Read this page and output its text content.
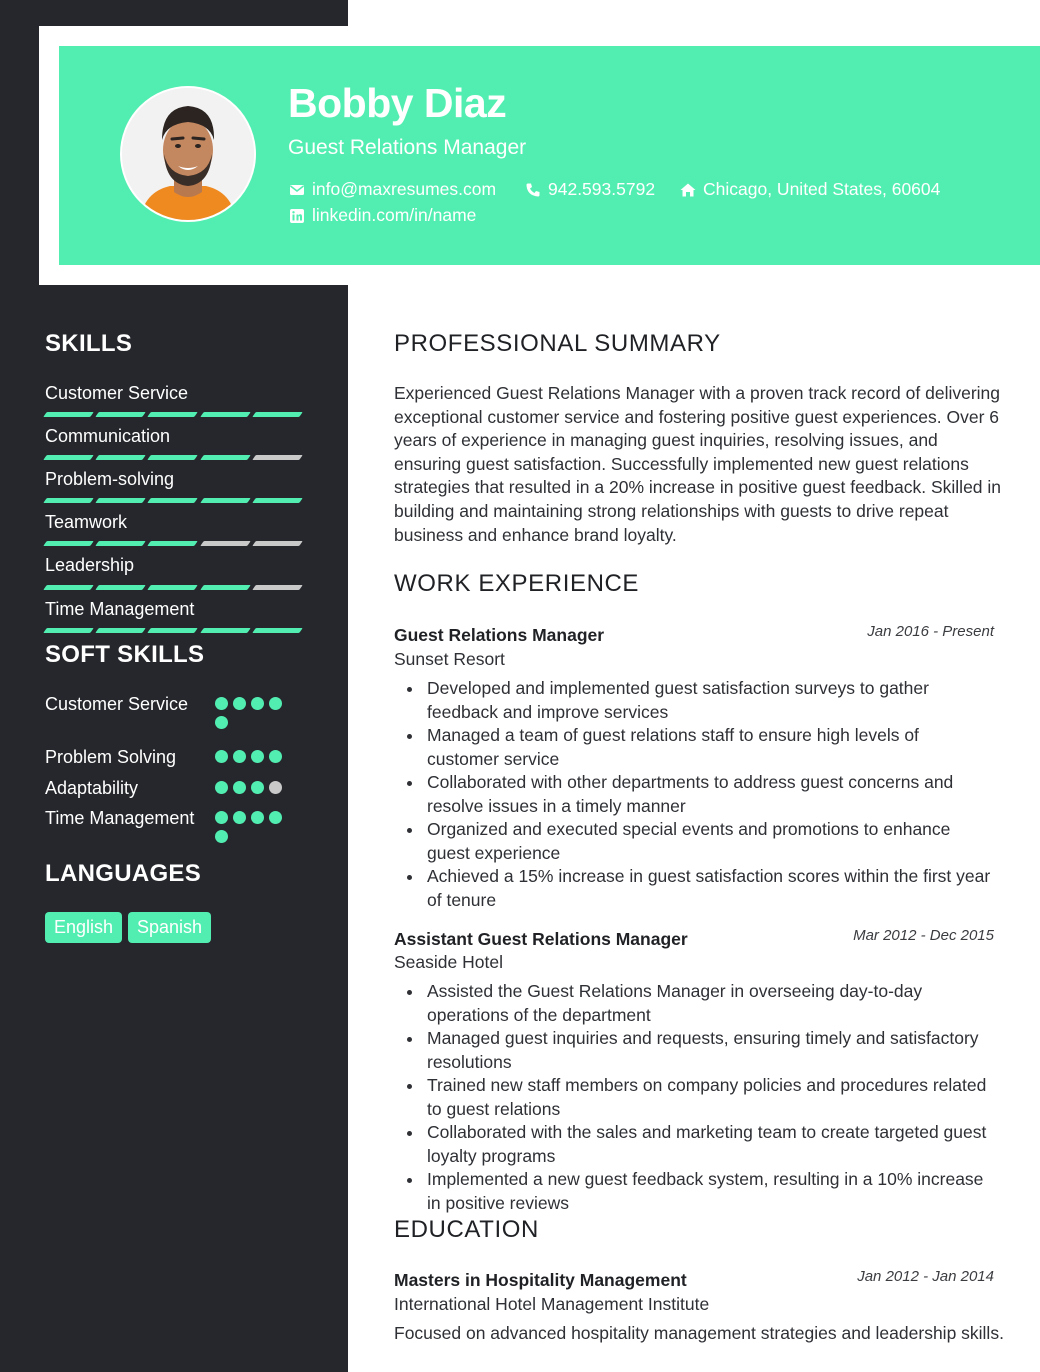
Bobby Diaz
Guest Relations Manager
info@maxresumes.com	942.593.5792	Chicago, United States, 60604
linkedin.com/in/name
SKILLS
Customer Service
Communication
Problem-solving
Teamwork
Leadership
Time Management
SOFT SKILLS
Customer Service
Problem Solving
Adaptability
Time Management
LANGUAGES
English	Spanish
PROFESSIONAL SUMMARY
Experienced Guest Relations Manager with a proven track record of delivering exceptional customer service and fostering positive guest experiences. Over 6 years of experience in managing guest inquiries, resolving issues, and ensuring guest satisfaction. Successfully implemented new guest relations strategies that resulted in a 20% increase in positive guest feedback. Skilled in building and maintaining strong relationships with guests to drive repeat business and enhance brand loyalty.
WORK EXPERIENCE
Guest Relations Manager	Jan 2016 - Present
Sunset Resort
Developed and implemented guest satisfaction surveys to gather feedback and improve services
Managed a team of guest relations staff to ensure high levels of customer service
Collaborated with other departments to address guest concerns and resolve issues in a timely manner
Organized and executed special events and promotions to enhance guest experience
Achieved a 15% increase in guest satisfaction scores within the first year of tenure
Assistant Guest Relations Manager	Mar 2012 - Dec 2015
Seaside Hotel
Assisted the Guest Relations Manager in overseeing day-to-day operations of the department
Managed guest inquiries and requests, ensuring timely and satisfactory resolutions
Trained new staff members on company policies and procedures related to guest relations
Collaborated with the sales and marketing team to create targeted guest loyalty programs
Implemented a new guest feedback system, resulting in a 10% increase in positive reviews
EDUCATION
Masters in Hospitality Management	Jan 2012 - Jan 2014
International Hotel Management Institute
Focused on advanced hospitality management strategies and leadership skills.
